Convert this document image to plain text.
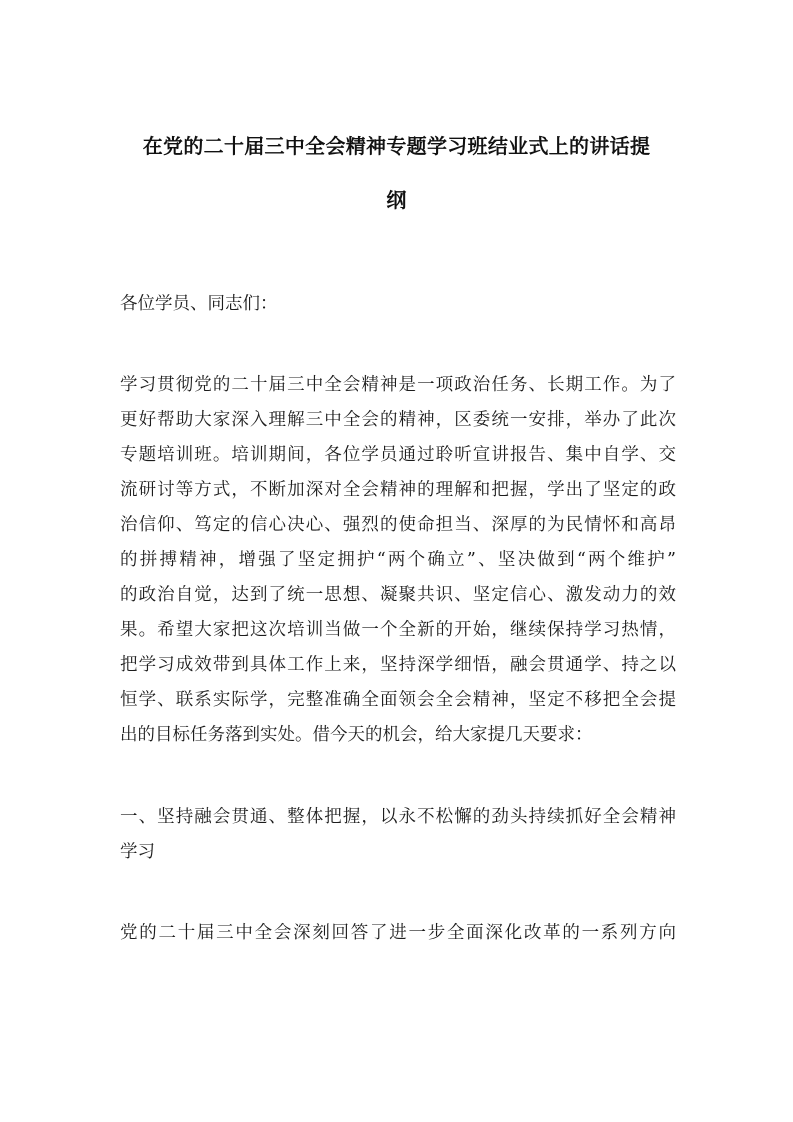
在党的二十届三中全会精神专题学习班结业式上的讲话提
纲
各位学员、同志们：
学习贯彻党的二十届三中全会精神是一项政治任务、长期工作。为了
更好帮助大家深入理解三中全会的精神，区委统一安排，举办了此次
专题培训班。培训期间，各位学员通过聆听宣讲报告、集中自学、交
流研讨等方式，不断加深对全会精神的理解和把握，学出了坚定的政
治信仰、笃定的信心决心、强烈的使命担当、深厚的为民情怀和高昂
的拼搏精神，增强了坚定拥护“两个确立”、坚决做到“两个维护”
的政治自觉，达到了统一思想、凝聚共识、坚定信心、激发动力的效
果。希望大家把这次培训当做一个全新的开始，继续保持学习热情，
把学习成效带到具体工作上来，坚持深学细悟，融会贯通学、持之以
恒学、联系实际学，完整准确全面领会全会精神，坚定不移把全会提
出的目标任务落到实处。借今天的机会，给大家提几天要求：
一、坚持融会贯通、整体把握，以永不松懈的劲头持续抓好全会精神
学习
党的二十届三中全会深刻回答了进一步全面深化改革的一系列方向
